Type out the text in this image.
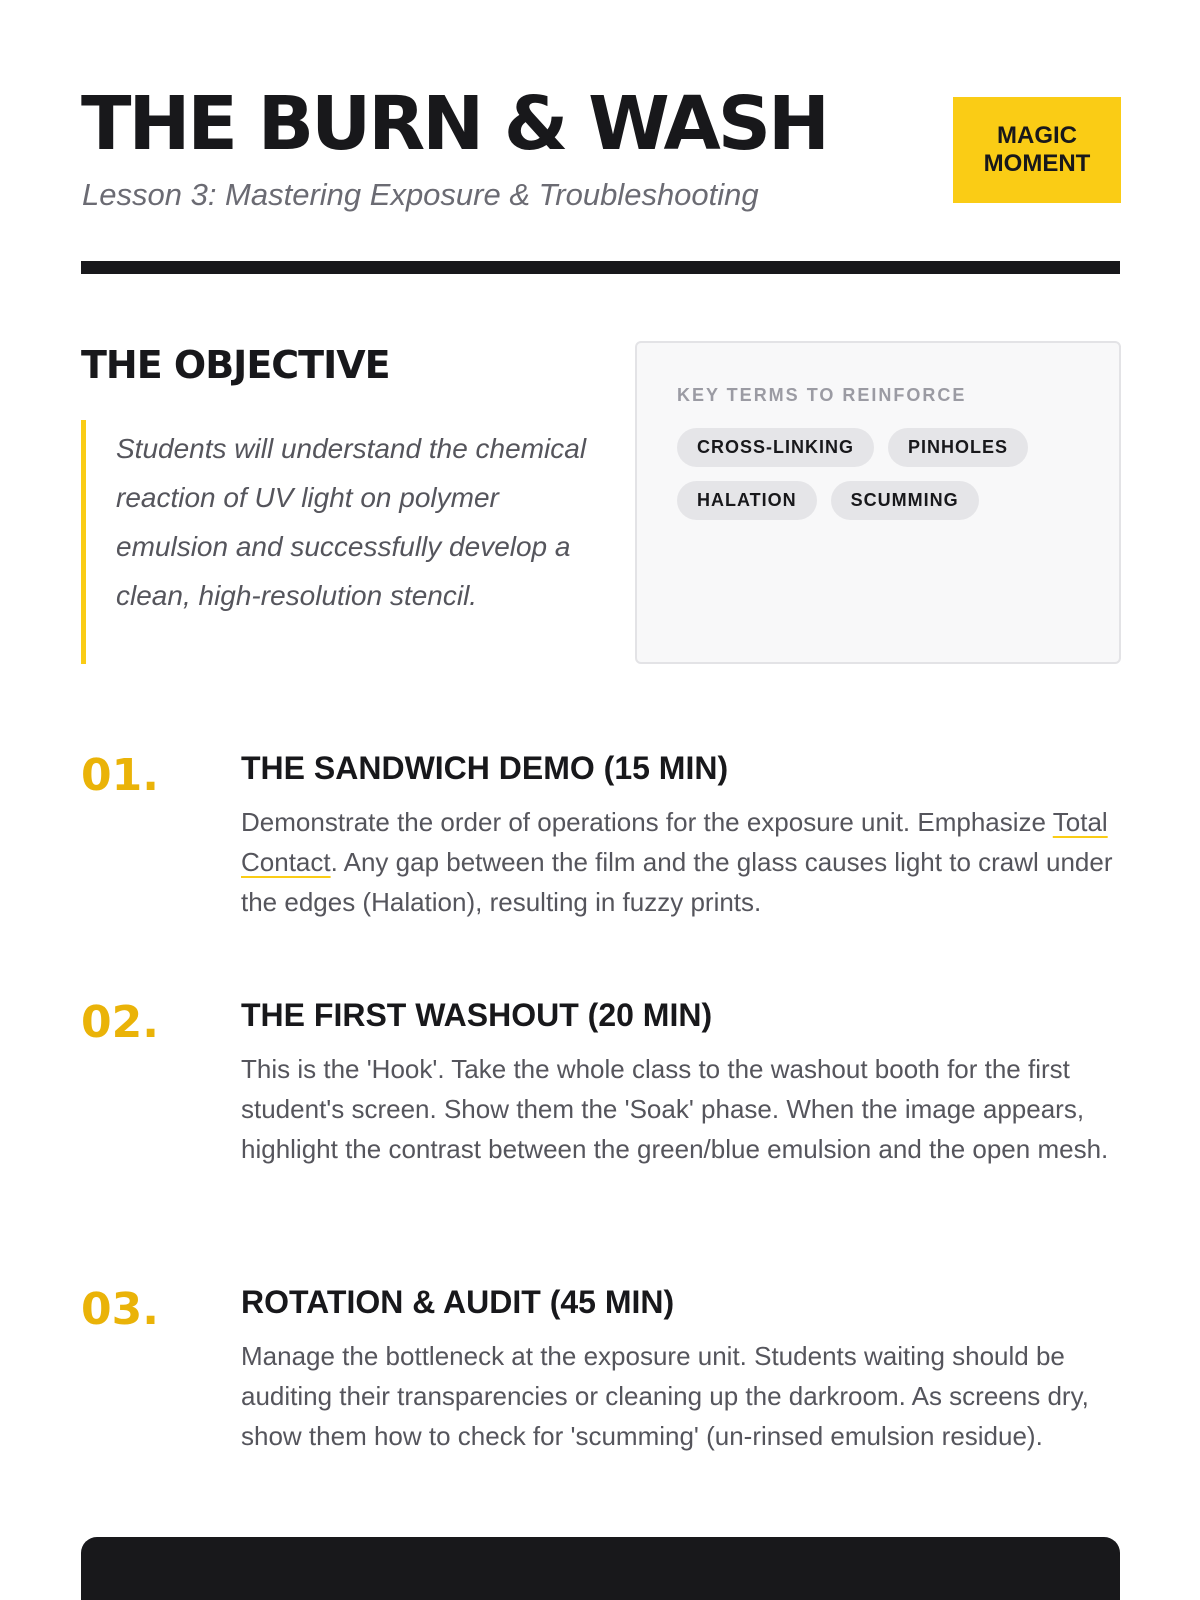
THE BURN & WASH
Lesson 3: Mastering Exposure & Troubleshooting
MAGIC MOMENT
THE OBJECTIVE

Students will understand the chemical reaction of UV light on polymer emulsion and successfully develop a clean, high-resolution stencil.

KEY TERMS TO REINFORCE
CROSS-LINKING	PINHOLES
HALATION	SCUMMING
01.	THE SANDWICH DEMO (15 MIN)

Demonstrate the order of operations for the exposure unit. Emphasize Total Contact. Any gap between the film and the glass causes light to crawl under the edges (Halation), resulting in fuzzy prints.

02.	THE FIRST WASHOUT (20 MIN)

This is the 'Hook'. Take the whole class to the washout booth for the first student's screen. Show them the 'Soak' phase. When the image appears, highlight the contrast between the green/blue emulsion and the open mesh.

03.	ROTATION & AUDIT (45 MIN)

Manage the bottleneck at the exposure unit. Students waiting should be auditing their transparencies or cleaning up the darkroom. As screens dry, show them how to check for 'scumming' (un-rinsed emulsion residue).
